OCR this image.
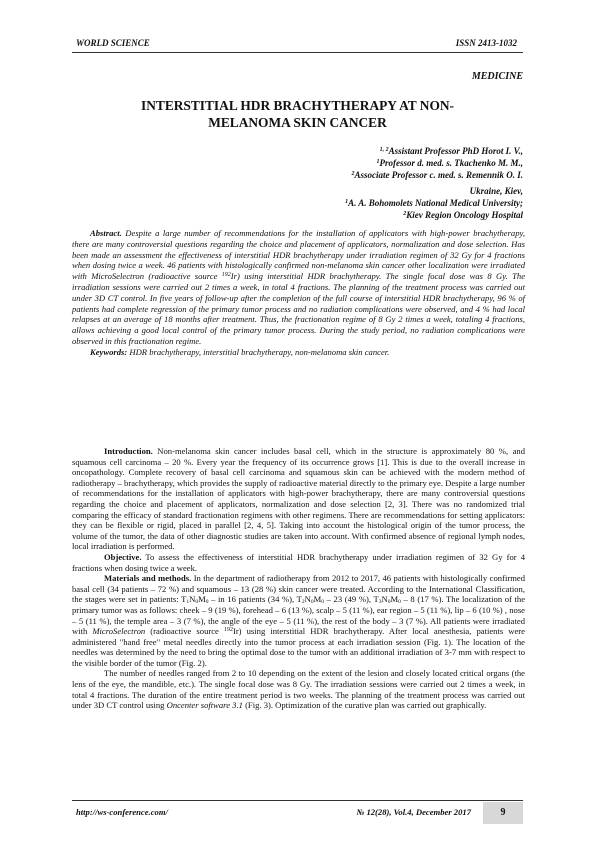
WORLD SCIENCE	ISSN 2413-1032
MEDICINE
INTERSTITIAL HDR BRACHYTHERAPY AT NON-MELANOMA SKIN CANCER
$^{1, 2}$Assistant Professor PhD Horot I. V.,
$^1$Professor d. med. s. Tkachenko M. M.,
$^2$Associate Professor c. med. s. Remennik O. I.
Ukraine, Kiev,
$^1$A. A. Bohomolets National Medical University;
$^2$Kiev Region Oncology Hospital

Abstract. Despite a large number of recommendations for the installation of applicators with high-power brachytherapy, there are many controversial questions regarding the choice and placement of applicators, normalization and dose selection. Has been made an assessment the effectiveness of interstitial HDR brachytherapy under irradiation regimen of 32 Gy for 4 fractions when dosing twice a week. 46 patients with histologically confirmed non-melanoma skin cancer other localization were irradiated with MicroSelectron (radioactive source $^{192}$Ir) using interstitial HDR brachytherapy. The single focal dose was 8 Gy. The irradiation sessions were carried out 2 times a week, in total 4 fractions. The planning of the treatment process was carried out under 3D CT control. In five years of follow-up after the completion of the full course of interstitial HDR brachytherapy, 96 % of patients had complete regression of the primary tumor process and no radiation complications were observed, and 4 % had local relapses at an average of 18 months after treatment. Thus, the fractionation regime of 8 Gy 2 times a week, totaling 4 fractions, allows achieving a good local control of the primary tumor process. During the study period, no radiation complications were observed in this fractionation regime.

Keywords: HDR brachytherapy, interstitial brachytherapy, non-melanoma skin cancer.

Introduction. Non-melanoma skin cancer includes basal cell, which in the structure is approximately 80 %, and squamous cell carcinoma – 20 %. Every year the frequency of its occurrence grows [1]. This is due to the overall increase in oncopathology. Complete recovery of basal cell carcinoma and squamous skin can be achieved with the modern method of radiotherapy – brachytherapy, which provides the supply of radioactive material directly to the primary eye. Despite a large number of recommendations for the installation of applicators with high-power brachytherapy, there are many controversial questions regarding the choice and placement of applicators, normalization and dose selection [2, 3]. There was no randomized trial comparing the efficacy of standard fractionation regimens with other regimens. There are recommendations for setting applicators: they can be flexible or rigid, placed in parallel [2, 4, 5]. Taking into account the histological origin of the tumor process, the volume of the tumor, the data of other diagnostic studies are taken into account. With confirmed absence of regional lymph nodes, local irradiation is performed.

Objective. To assess the effectiveness of interstitial HDR brachytherapy under irradiation regimen of 32 Gy for 4 fractions when dosing twice a week.

Materials and methods. In the department of radiotherapy from 2012 to 2017, 46 patients with histologically confirmed basal cell (34 patients – 72 %) and squamous – 13 (28 %) skin cancer were treated. According to the International Classification, the stages were set in patients: T1N0M0 – in 16 patients (34 %), T2N0M0 – 23 (49 %), T3N0M0 – 8 (17 %). The localization of the primary tumor was as follows: cheek – 9 (19 %), forehead – 6 (13 %), scalp – 5 (11 %), ear region – 5 (11 %), lip – 6 (10 %) , nose – 5 (11 %), the temple area – 3 (7 %), the angle of the eye – 5 (11 %), the rest of the body – 3 (7 %). All patients were irradiated with MicroSelectron (radioactive source $^{192}$Ir) using interstitial HDR brachytherapy. After local anesthesia, patients were administered "hand free" metal needles directly into the tumor process at each irradiation session (Fig. 1). The location of the needles was determined by the need to bring the optimal dose to the tumor with an additional irradiation of 3-7 mm with respect to the visible border of the tumor (Fig. 2).

The number of needles ranged from 2 to 10 depending on the extent of the lesion and closely located critical organs (the lens of the eye, the mandible, etc.). The single focal dose was 8 Gy. The irradiation sessions were carried out 2 times a week, in total 4 fractions. The duration of the entire treatment period is two weeks. The planning of the treatment process was carried out under 3D CT control using Oncenter software 3.1 (Fig. 3). Optimization of the curative plan was carried out graphically.

http://ws-conference.com/	№ 12(28), Vol.4, December 2017	9
